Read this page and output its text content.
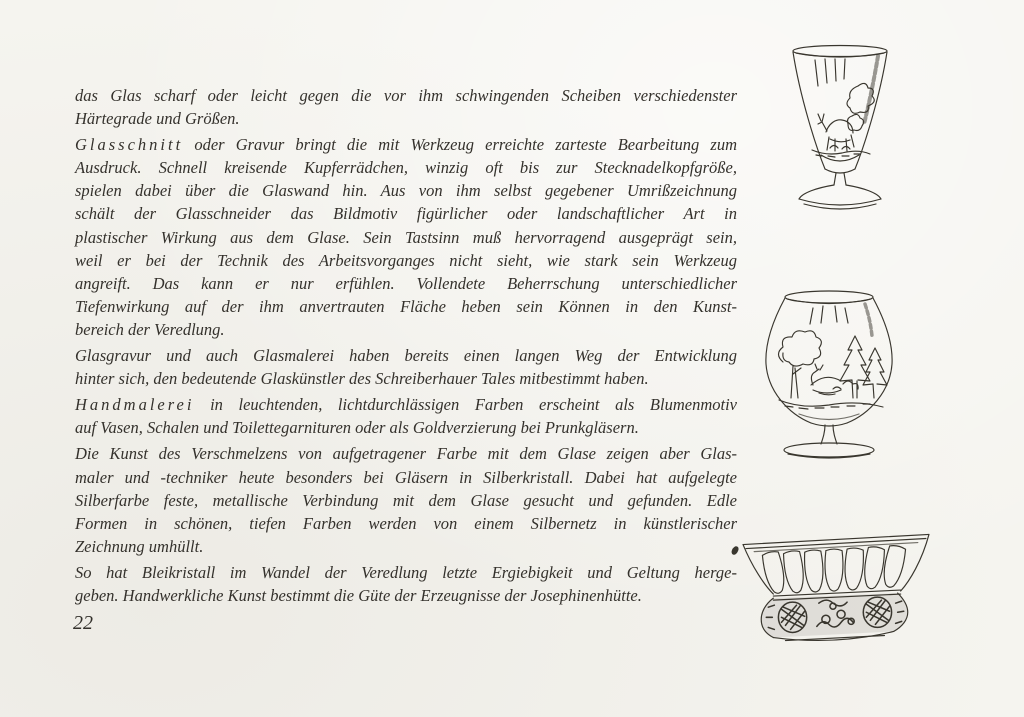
das Glas scharf oder leicht gegen die vor ihm schwingenden Scheiben verschiedenster
Härtegrade und Größen.
Glasschnitt oder Gravur bringt die mit Werkzeug erreichte zarteste Bearbeitung zum
Ausdruck. Schnell kreisende Kupferrädchen, winzig oft bis zur Stecknadelkopfgröße,
spielen dabei über die Glaswand hin. Aus von ihm selbst gegebener Umrißzeichnung
schält der Glasschneider das Bildmotiv figürlicher oder landschaftlicher Art in
plastischer Wirkung aus dem Glase. Sein Tastsinn muß hervorragend ausgeprägt sein,
weil er bei der Technik des Arbeitsvorganges nicht sieht, wie stark sein Werkzeug
angreift. Das kann er nur erfühlen. Vollendete Beherrschung unterschiedlicher
Tiefenwirkung auf der ihm anvertrauten Fläche heben sein Können in den Kunst-
bereich der Veredlung.
Glasgravur und auch Glasmalerei haben bereits einen langen Weg der Entwicklung
hinter sich, den bedeutende Glaskünstler des Schreiberhauer Tales mitbestimmt haben.
Handmalerei in leuchtenden, lichtdurchlässigen Farben erscheint als Blumenmotiv
auf Vasen, Schalen und Toilettegarnituren oder als Goldverzierung bei Prunkgläsern.
Die Kunst des Verschmelzens von aufgetragener Farbe mit dem Glase zeigen aber Glas-
maler und -techniker heute besonders bei Gläsern in Silberkristall. Dabei hat aufgelegte
Silberfarbe feste, metallische Verbindung mit dem Glase gesucht und gefunden. Edle
Formen in schönen, tiefen Farben werden von einem Silbernetz in künstlerischer
Zeichnung umhüllt.
So hat Bleikristall im Wandel der Veredlung letzte Ergiebigkeit und Geltung herge-
geben. Handwerkliche Kunst bestimmt die Güte der Erzeugnisse der Josephinenhütte.
22
